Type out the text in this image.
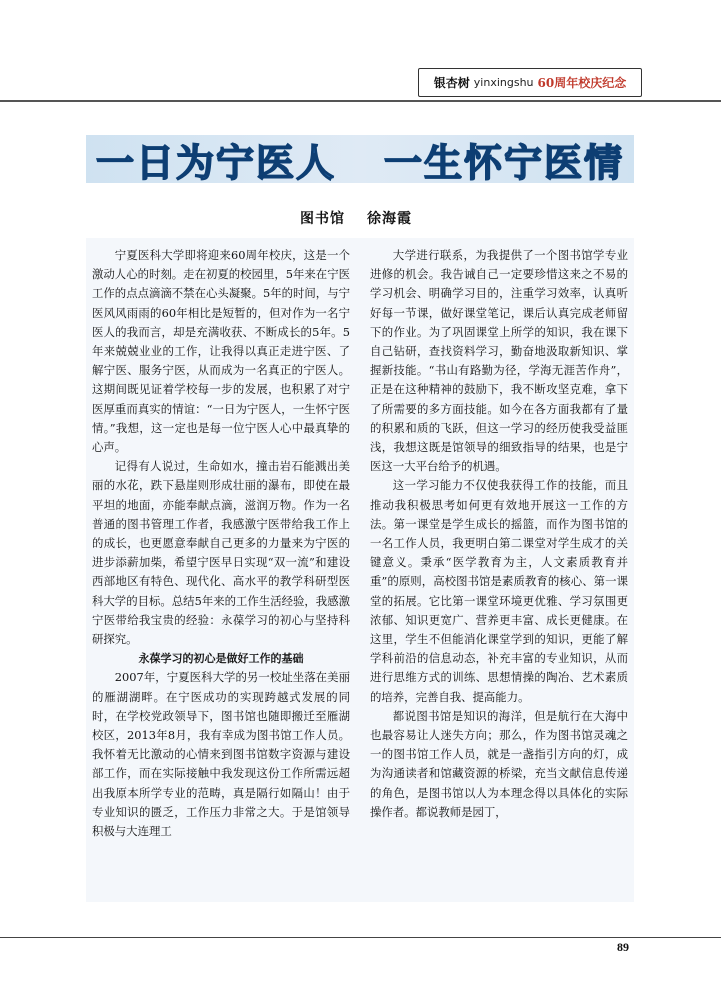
银杏树 yinxingshu 60周年校庆纪念
一日为宁医人 一生怀宁医情
图书馆 徐海霞

宁夏医科大学即将迎来60周年校庆，这是一个激动人心的时刻。走在初夏的校园里，5年来在宁医工作的点点滴滴不禁在心头凝聚。5年的时间，与宁医风风雨雨的60年相比是短暂的，但对作为一名宁医人的我而言，却是充满收获、不断成长的5年。5年来兢兢业业的工作，让我得以真正走进宁医、了解宁医、服务宁医，从而成为一名真正的宁医人。这期间既见证着学校每一步的发展，也积累了对宁医厚重而真实的情谊：“一日为宁医人，一生怀宁医情。”我想，这一定也是每一位宁医人心中最真挚的心声。

记得有人说过，生命如水，撞击岩石能溅出美丽的水花，跌下悬崖则形成壮丽的瀑布，即使在最平坦的地面，亦能奉献点滴，滋润万物。作为一名普通的图书管理工作者，我感激宁医带给我工作上的成长，也更愿意奉献自己更多的力量来为宁医的进步添薪加柴，希望宁医早日实现“双一流”和建设西部地区有特色、现代化、高水平的教学科研型医科大学的目标。总结5年来的工作生活经验，我感激宁医带给我宝贵的经验：永葆学习的初心与坚持科研探究。

永葆学习的初心是做好工作的基础

2007年，宁夏医科大学的另一校址坐落在美丽的雁湖湖畔。在宁医成功的实现跨越式发展的同时，在学校党政领导下，图书馆也随即搬迁至雁湖校区，2013年8月，我有幸成为图书馆工作人员。我怀着无比激动的心情来到图书馆数字资源与建设部工作，而在实际接触中我发现这份工作所需远超出我原本所学专业的范畴，真是隔行如隔山！由于专业知识的匮乏，工作压力非常之大。于是馆领导积极与大连理工

大学进行联系，为我提供了一个图书馆学专业进修的机会。我告诫自己一定要珍惜这来之不易的学习机会、明确学习目的，注重学习效率，认真听好每一节课，做好课堂笔记，课后认真完成老师留下的作业。为了巩固课堂上所学的知识，我在课下自己钻研，查找资料学习，勤奋地汲取新知识、掌握新技能。“书山有路勤为径，学海无涯苦作舟”，正是在这种精神的鼓励下，我不断攻坚克难，拿下了所需要的多方面技能。如今在各方面我都有了量的积累和质的飞跃，但这一学习的经历使我受益匪浅，我想这既是馆领导的细致指导的结果，也是宁医这一大平台给予的机遇。

这一学习能力不仅使我获得工作的技能，而且推动我积极思考如何更有效地开展这一工作的方法。第一课堂是学生成长的摇篮，而作为图书馆的一名工作人员，我更明白第二课堂对学生成才的关键意义。秉承“医学教育为主，人文素质教育并重”的原则，高校图书馆是素质教育的核心、第一课堂的拓展。它比第一课堂环境更优雅、学习氛围更浓郁、知识更宽广、营养更丰富、成长更健康。在这里，学生不但能消化课堂学到的知识，更能了解学科前沿的信息动态，补充丰富的专业知识，从而进行思维方式的训练、思想情操的陶冶、艺术素质的培养，完善自我、提高能力。

都说图书馆是知识的海洋，但是航行在大海中也最容易让人迷失方向；那么，作为图书馆灵魂之一的图书馆工作人员，就是一盏指引方向的灯，成为沟通读者和馆藏资源的桥梁，充当文献信息传递的角色，是图书馆以人为本理念得以具体化的实际操作者。都说教师是园丁，

89
